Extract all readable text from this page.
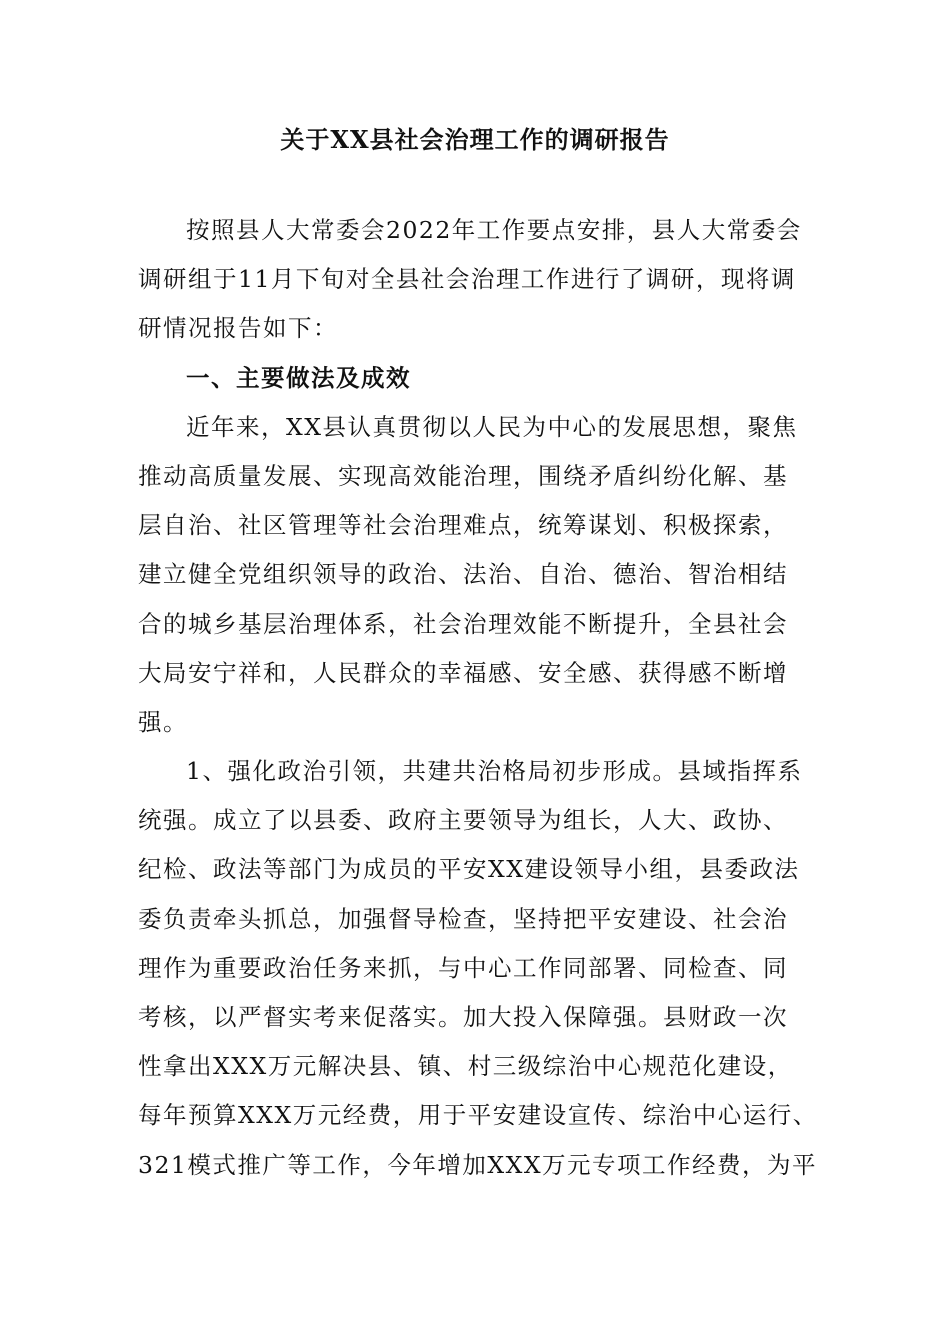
关于XX县社会治理工作的调研报告
按照县人大常委会2022年工作要点安排，县人大常委会
调研组于11月下旬对全县社会治理工作进行了调研，现将调
研情况报告如下：
一、主要做法及成效
近年来，XX县认真贯彻以人民为中心的发展思想，聚焦
推动高质量发展、实现高效能治理，围绕矛盾纠纷化解、基
层自治、社区管理等社会治理难点，统筹谋划、积极探索，
建立健全党组织领导的政治、法治、自治、德治、智治相结
合的城乡基层治理体系，社会治理效能不断提升，全县社会
大局安宁祥和，人民群众的幸福感、安全感、获得感不断增
强。
1、强化政治引领，共建共治格局初步形成。县域指挥系
统强。成立了以县委、政府主要领导为组长，人大、政协、
纪检、政法等部门为成员的平安XX建设领导小组，县委政法
委负责牵头抓总，加强督导检查，坚持把平安建设、社会治
理作为重要政治任务来抓，与中心工作同部署、同检查、同
考核，以严督实考来促落实。加大投入保障强。县财政一次
性拿出XXX万元解决县、镇、村三级综治中心规范化建设，
每年预算XXX万元经费，用于平安建设宣传、综治中心运行、
321模式推广等工作，今年增加XXX万元专项工作经费，为平
